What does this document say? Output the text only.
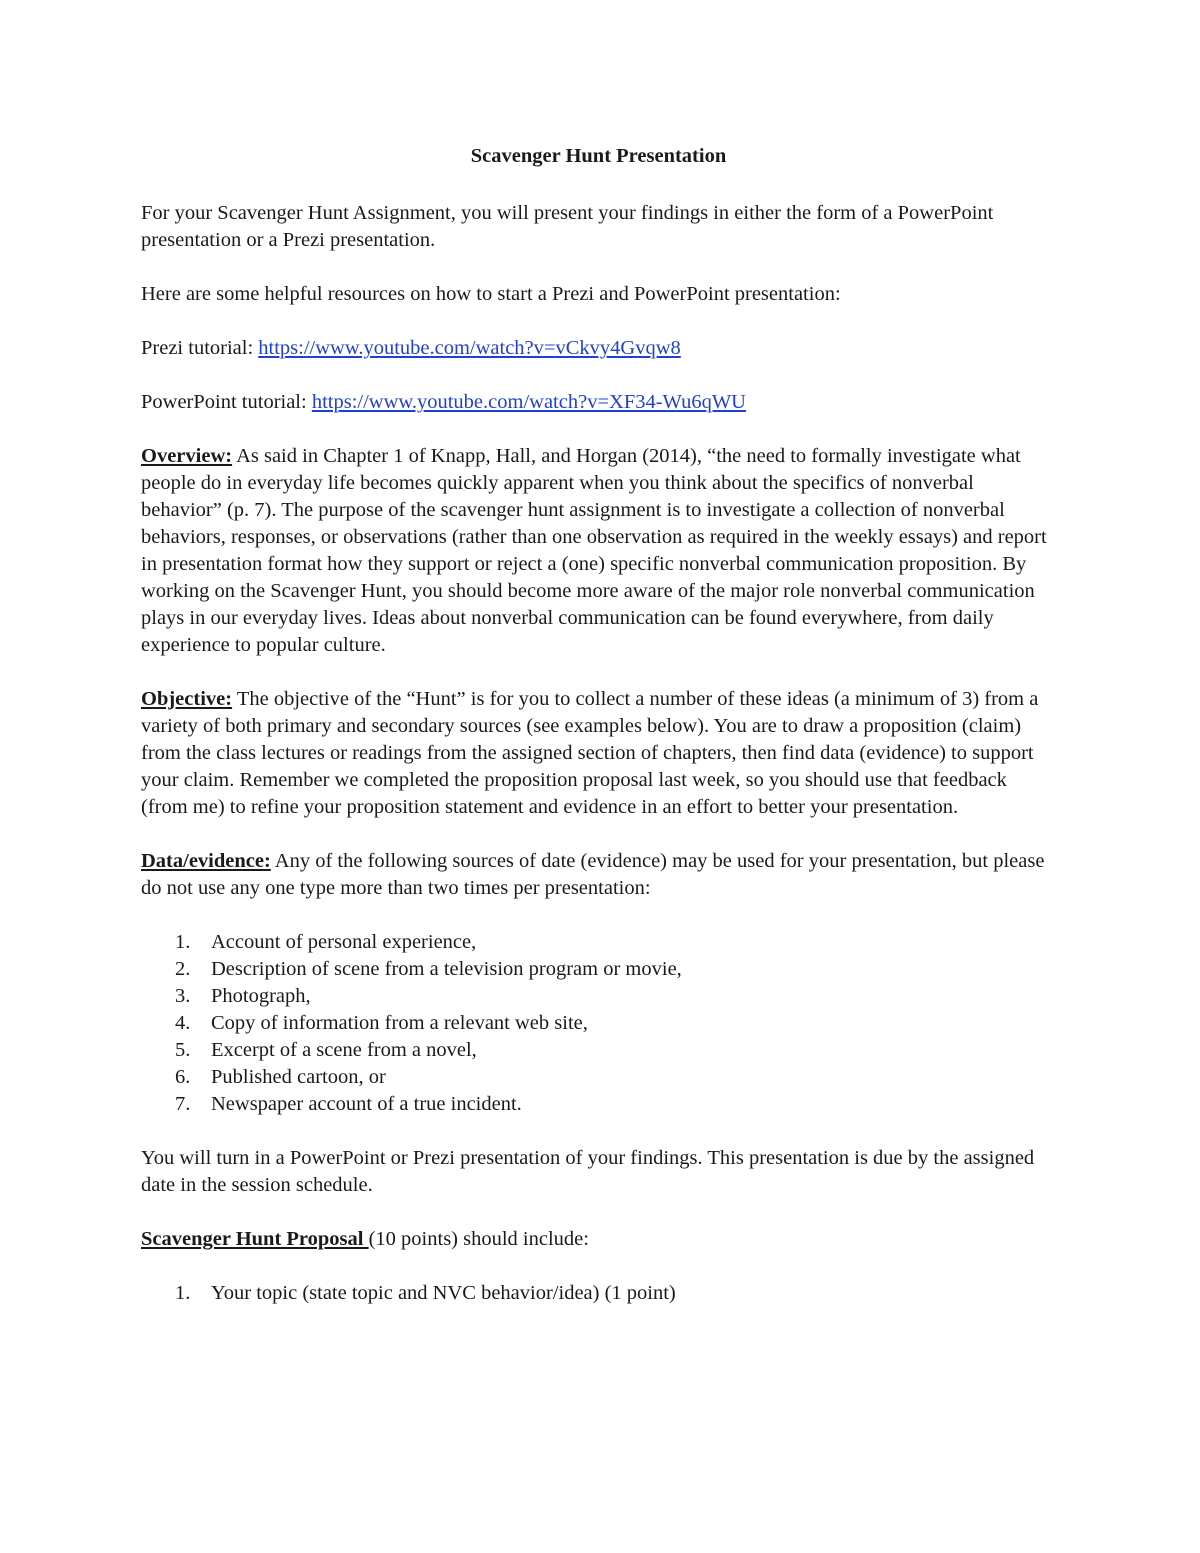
Scavenger Hunt Presentation

For your Scavenger Hunt Assignment, you will present your findings in either the form of a PowerPoint presentation or a Prezi presentation.

Here are some helpful resources on how to start a Prezi and PowerPoint presentation:

Prezi tutorial: https://www.youtube.com/watch?v=vCkvy4Gvqw8

PowerPoint tutorial: https://www.youtube.com/watch?v=XF34-Wu6qWU

Overview: As said in Chapter 1 of Knapp, Hall, and Horgan (2014), “the need to formally investigate what people do in everyday life becomes quickly apparent when you think about the specifics of nonverbal behavior” (p. 7). The purpose of the scavenger hunt assignment is to investigate a collection of nonverbal behaviors, responses, or observations (rather than one observation as required in the weekly essays) and report in presentation format how they support or reject a (one) specific nonverbal communication proposition. By working on the Scavenger Hunt, you should become more aware of the major role nonverbal communication plays in our everyday lives. Ideas about nonverbal communication can be found everywhere, from daily experience to popular culture.

Objective: The objective of the “Hunt” is for you to collect a number of these ideas (a minimum of 3) from a variety of both primary and secondary sources (see examples below). You are to draw a proposition (claim) from the class lectures or readings from the assigned section of chapters, then find data (evidence) to support your claim. Remember we completed the proposition proposal last week, so you should use that feedback (from me) to refine your proposition statement and evidence in an effort to better your presentation.

Data/evidence: Any of the following sources of date (evidence) may be used for your presentation, but please do not use any one type more than two times per presentation:

1. Account of personal experience,
2. Description of scene from a television program or movie,
3. Photograph,
4. Copy of information from a relevant web site,
5. Excerpt of a scene from a novel,
6. Published cartoon, or
7. Newspaper account of a true incident.

You will turn in a PowerPoint or Prezi presentation of your findings. This presentation is due by the assigned date in the session schedule.

Scavenger Hunt Proposal (10 points) should include:

1. Your topic (state topic and NVC behavior/idea) (1 point)
